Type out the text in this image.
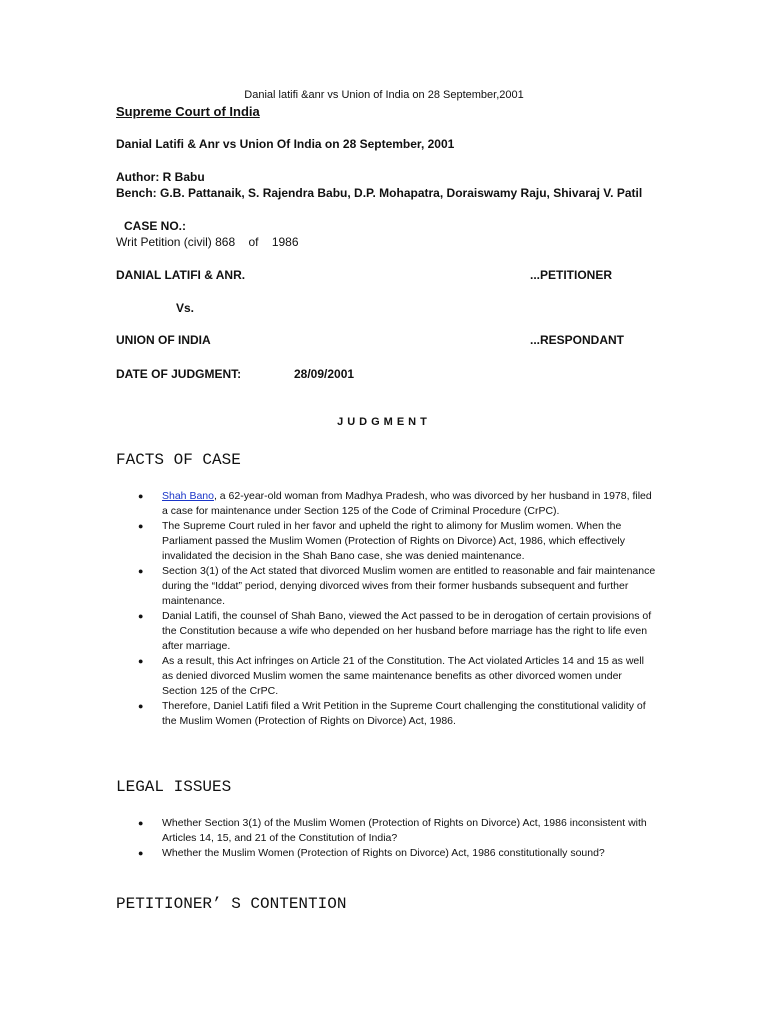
Danial latifi &anr vs Union of India on 28 September,2001
Supreme Court of India
Danial Latifi & Anr vs Union Of India on 28 September, 2001
Author: R Babu
Bench: G.B. Pattanaik, S. Rajendra Babu, D.P. Mohapatra, Doraiswamy Raju, Shivaraj V. Patil
CASE NO.:
Writ Petition (civil) 868    of    1986
DANIAL LATIFI & ANR.	...PETITIONER
Vs.
UNION OF INDIA	...RESPONDANT
DATE OF JUDGMENT:	28/09/2001
JUDGMENT
FACTS OF CASE
● Shah Bano, a 62-year-old woman from Madhya Pradesh, who was divorced by her husband in 1978, filed a case for maintenance under Section 125 of the Code of Criminal Procedure (CrPC).
● The Supreme Court ruled in her favor and upheld the right to alimony for Muslim women. When the Parliament passed the Muslim Women (Protection of Rights on Divorce) Act, 1986, which effectively invalidated the decision in the Shah Bano case, she was denied maintenance.
● Section 3(1) of the Act stated that divorced Muslim women are entitled to reasonable and fair maintenance during the “Iddat” period, denying divorced wives from their former husbands subsequent and further maintenance.
● Danial Latifi, the counsel of Shah Bano, viewed the Act passed to be in derogation of certain provisions of the Constitution because a wife who depended on her husband before marriage has the right to life even after marriage.
● As a result, this Act infringes on Article 21 of the Constitution. The Act violated Articles 14 and 15 as well as denied divorced Muslim women the same maintenance benefits as other divorced women under Section 125 of the CrPC.
● Therefore, Daniel Latifi filed a Writ Petition in the Supreme Court challenging the constitutional validity of the Muslim Women (Protection of Rights on Divorce) Act, 1986.
LEGAL ISSUES
● Whether Section 3(1) of the Muslim Women (Protection of Rights on Divorce) Act, 1986 inconsistent with Articles 14, 15, and 21 of the Constitution of India?
● Whether the Muslim Women (Protection of Rights on Divorce) Act, 1986 constitutionally sound?
PETITIONER’ S CONTENTION
